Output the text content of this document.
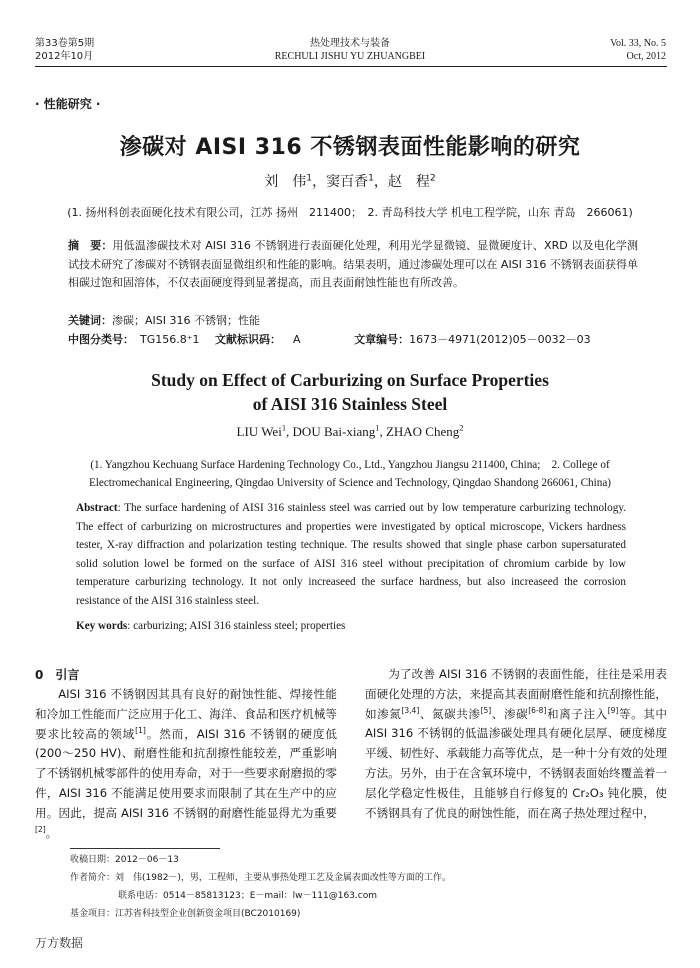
第33卷第5期
2012年10月
热处理技术与装备
RECHULI JISHU YU ZHUANGBEI
Vol. 33, No. 5
Oct, 2012
· 性能研究 ·
渗碳对 AISI 316 不锈钢表面性能影响的研究
刘　伟$^1$，窦百香$^1$，赵　程$^2$
(1. 扬州科创表面硬化技术有限公司，江苏 扬州　211400；　2. 青岛科技大学 机电工程学院，山东 青岛　266061)
摘　要：用低温渗碳技术对 AISI 316 不锈钢进行表面硬化处理，利用光学显微镜、显微硬度计、XRD 以及电化学测试技术研究了渗碳对不锈钢表面显微组织和性能的影响。结果表明，通过渗碳处理可以在 AISI 316 不锈钢表面获得单相碳过饱和固溶体，不仅表面硬度得到显著提高，而且表面耐蚀性能也有所改善。
关键词：渗碳；AISI 316 不锈钢；性能
中图分类号： TG156.8⁺1 文献标识码： A	文章编号：1673－4971(2012)05－0032－03
Study on Effect of Carburizing on Surface Properties
of AISI 316 Stainless Steel
LIU Wei$^1$, DOU Bai-xiang$^1$, ZHAO Cheng$^2$
(1. Yangzhou Kechuang Surface Hardening Technology Co., Ltd., Yangzhou Jiangsu 211400, China;　2. College of
Electromechanical Engineering, Qingdao University of Science and Technology, Qingdao Shandong 266061, China)
Abstract: The surface hardening of AISI 316 stainless steel was carried out by low temperature carburizing technology. The effect of carburizing on microstructures and properties were investigated by optical microscope, Vickers hardness tester, X-ray diffraction and polarization testing technique. The results showed that single phase carbon supersaturated solid solution lowel be formed on the surface of AISI 316 steel without precipitation of chromium carbide by low temperature carburizing technology. It not only increaseed the surface hardness, but also increaseed the corrosion resistance of the AISI 316 stainless steel.
Key words: carburizing; AISI 316 stainless steel; properties
0　引言

AISI 316 不锈钢因其具有良好的耐蚀性能、焊接性能和冷加工性能而广泛应用于化工、海洋、食品和医疗机械等要求比较高的领域[1]。然而，AISI 316 不锈钢的硬度低(200～250 HV)、耐磨性能和抗刮擦性能较差，严重影响了不锈钢机械零部件的使用寿命，对于一些要求耐磨损的零件，AISI 316 不能满足使用要求而限制了其在生产中的应用。因此，提高 AISI 316 不锈钢的耐磨性能显得尤为重要[2]。

为了改善 AISI 316 不锈钢的表面性能，往往是采用表面硬化处理的方法，来提高其表面耐磨性能和抗刮擦性能，如渗氮[3,4]、氮碳共渗[5]、渗碳[6-8]和离子注入[9]等。其中 AISI 316 不锈钢的低温渗碳处理具有硬化层厚、硬度梯度平缓、韧性好、承载能力高等优点，是一种十分有效的处理方法。另外，由于在含氧环境中，不锈钢表面始终覆盖着一层化学稳定性极佳，且能够自行修复的 Cr₂O₃ 钝化膜，使不锈钢具有了优良的耐蚀性能，而在离子热处理过程中，

收稿日期：2012－06－13
作者简介：刘　伟(1982－)，男，工程师，主要从事热处理工艺及金属表面改性等方面的工作。
联系电话：0514－85813123；E－mail：lw－111@163.com
基金项目：江苏省科技型企业创新资金项目(BC2010169)
万方数据
